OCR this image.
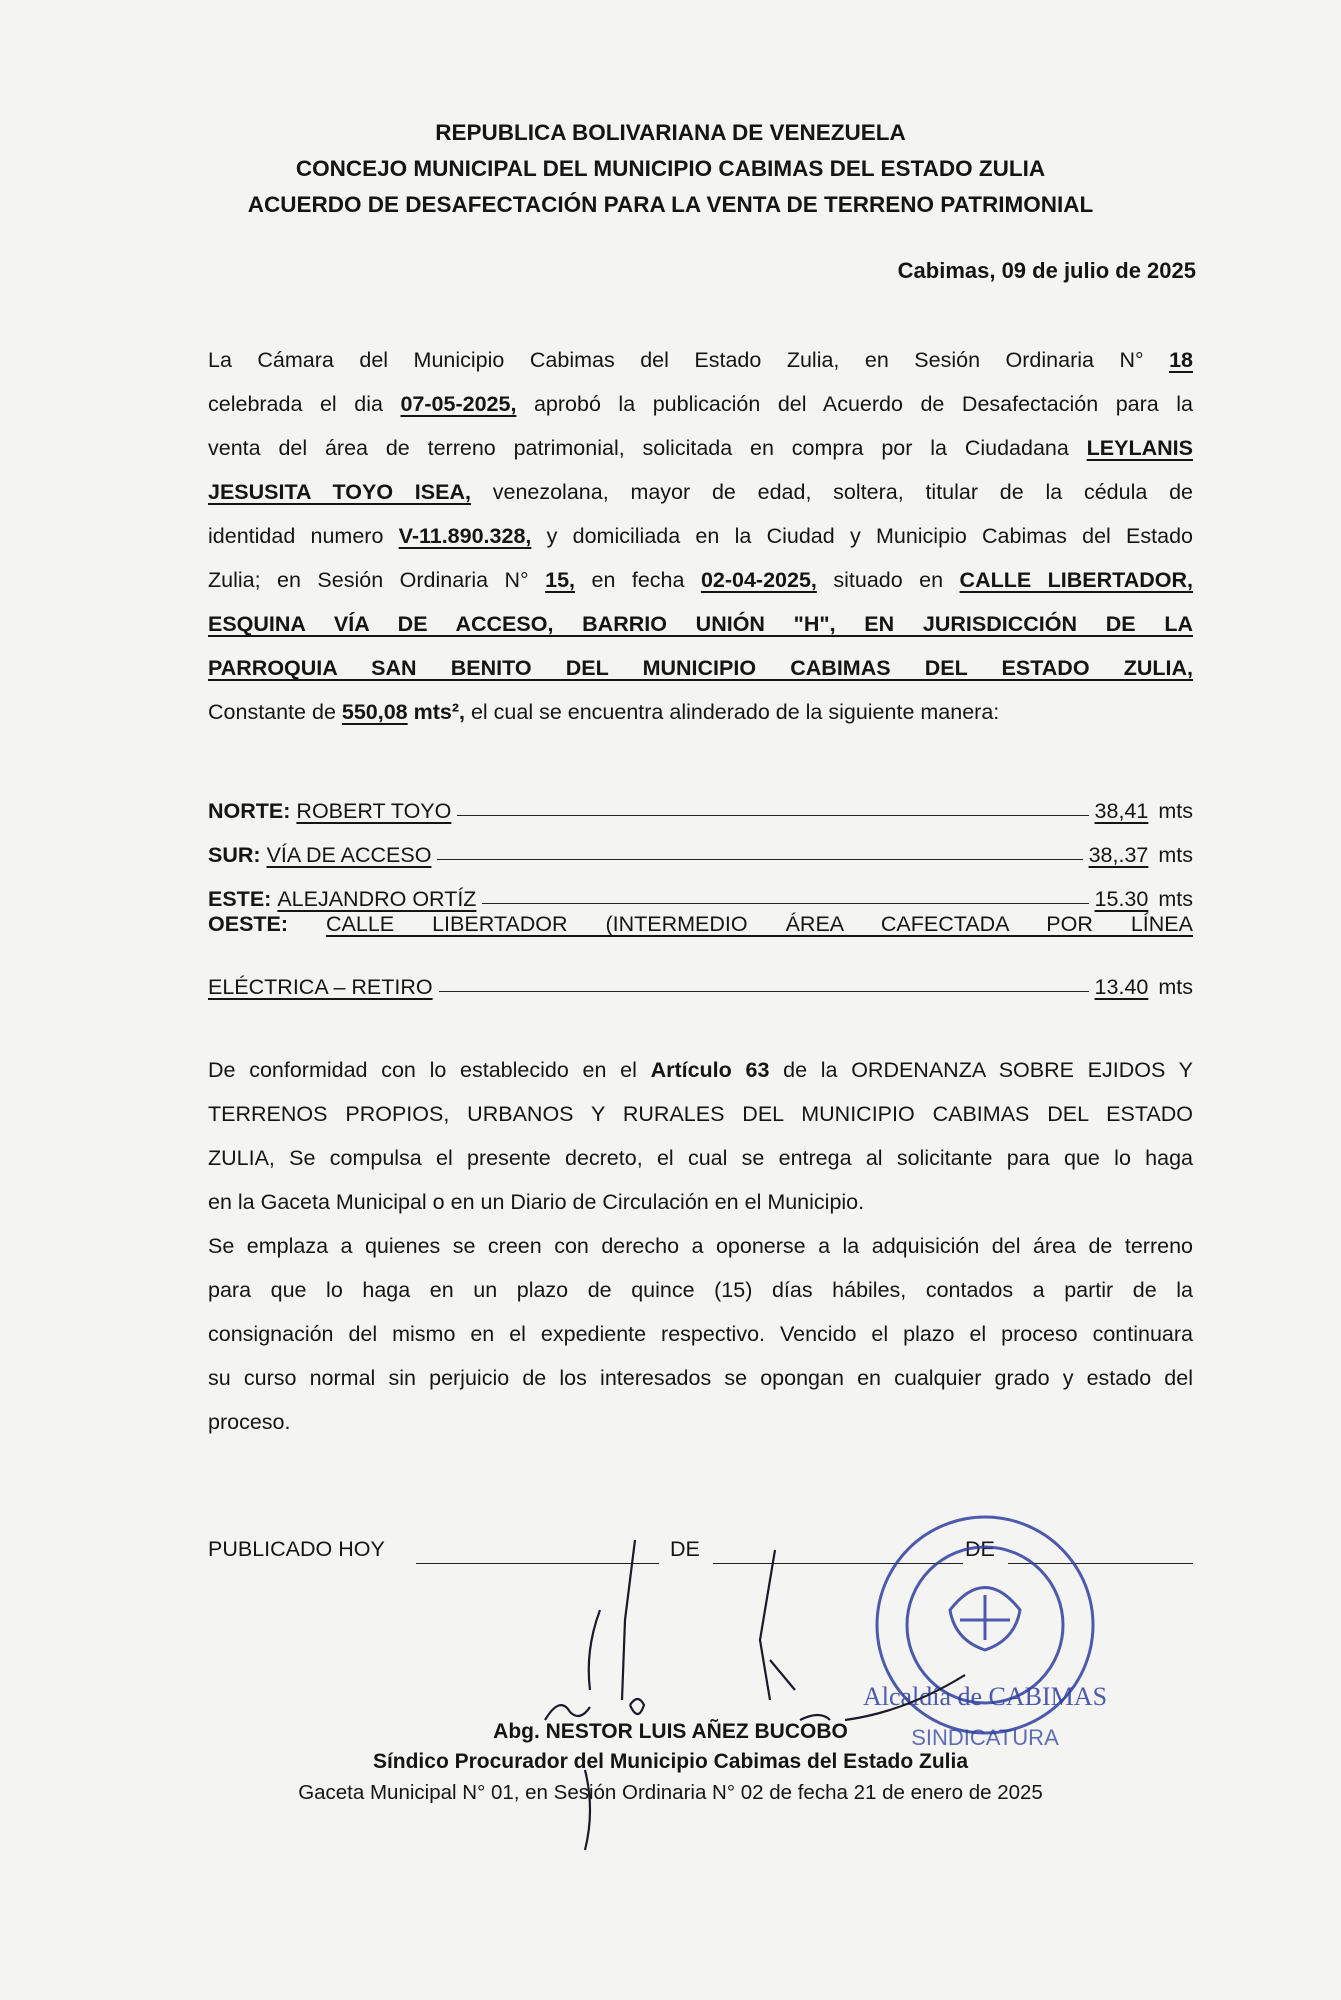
REPUBLICA BOLIVARIANA DE VENEZUELA
CONCEJO MUNICIPAL DEL MUNICIPIO CABIMAS DEL ESTADO ZULIA
ACUERDO DE DESAFECTACIÓN PARA LA VENTA DE TERRENO PATRIMONIAL
Cabimas, 09 de julio de 2025
La Cámara del Municipio Cabimas del Estado Zulia, en Sesión Ordinaria N° 18
celebrada el dia 07-05-2025, aprobó la publicación del Acuerdo de Desafectación para la
venta del área de terreno patrimonial, solicitada en compra por la Ciudadana LEYLANIS
JESUSITA TOYO ISEA, venezolana, mayor de edad, soltera, titular de la cédula de
identidad numero V-11.890.328, y domiciliada en la Ciudad y Municipio Cabimas del Estado
Zulia; en Sesión Ordinaria N° 15, en fecha 02-04-2025, situado en CALLE LIBERTADOR,
ESQUINA VÍA DE ACCESO, BARRIO UNIÓN "H", EN JURISDICCIÓN DE LA
PARROQUIA SAN BENITO DEL MUNICIPIO CABIMAS DEL ESTADO ZULIA,
Constante de 550,08 mts², el cual se encuentra alinderado de la siguiente manera:
NORTE: ROBERT TOYO	38,41 mts
SUR: VÍA DE ACCESO	38,.37 mts
ESTE: ALEJANDRO ORTÍZ	15.30 mts
OESTE: CALLE LIBERTADOR (INTERMEDIO ÁREA CAFECTADA POR LÍNEA
ELÉCTRICA – RETIRO	13.40 mts
De conformidad con lo establecido en el Artículo 63 de la ORDENANZA SOBRE EJIDOS Y
TERRENOS PROPIOS, URBANOS Y RURALES DEL MUNICIPIO CABIMAS DEL ESTADO
ZULIA, Se compulsa el presente decreto, el cual se entrega al solicitante para que lo haga
en la Gaceta Municipal o en un Diario de Circulación en el Municipio.
Se emplaza a quienes se creen con derecho a oponerse a la adquisición del área de terreno
para que lo haga en un plazo de quince (15) días hábiles, contados a partir de la
consignación del mismo en el expediente respectivo. Vencido el plazo el proceso continuara
su curso normal sin perjuicio de los interesados se opongan en cualquier grado y estado del
proceso.
PUBLICADO HOY	DE	DE
Alcaldía de CABIMAS
SINDICATURA
Abg. NESTOR LUIS AÑEZ BUCOBO
Síndico Procurador del Municipio Cabimas del Estado Zulia
Gaceta Municipal N° 01, en Sesión Ordinaria N° 02 de fecha 21 de enero de 2025
